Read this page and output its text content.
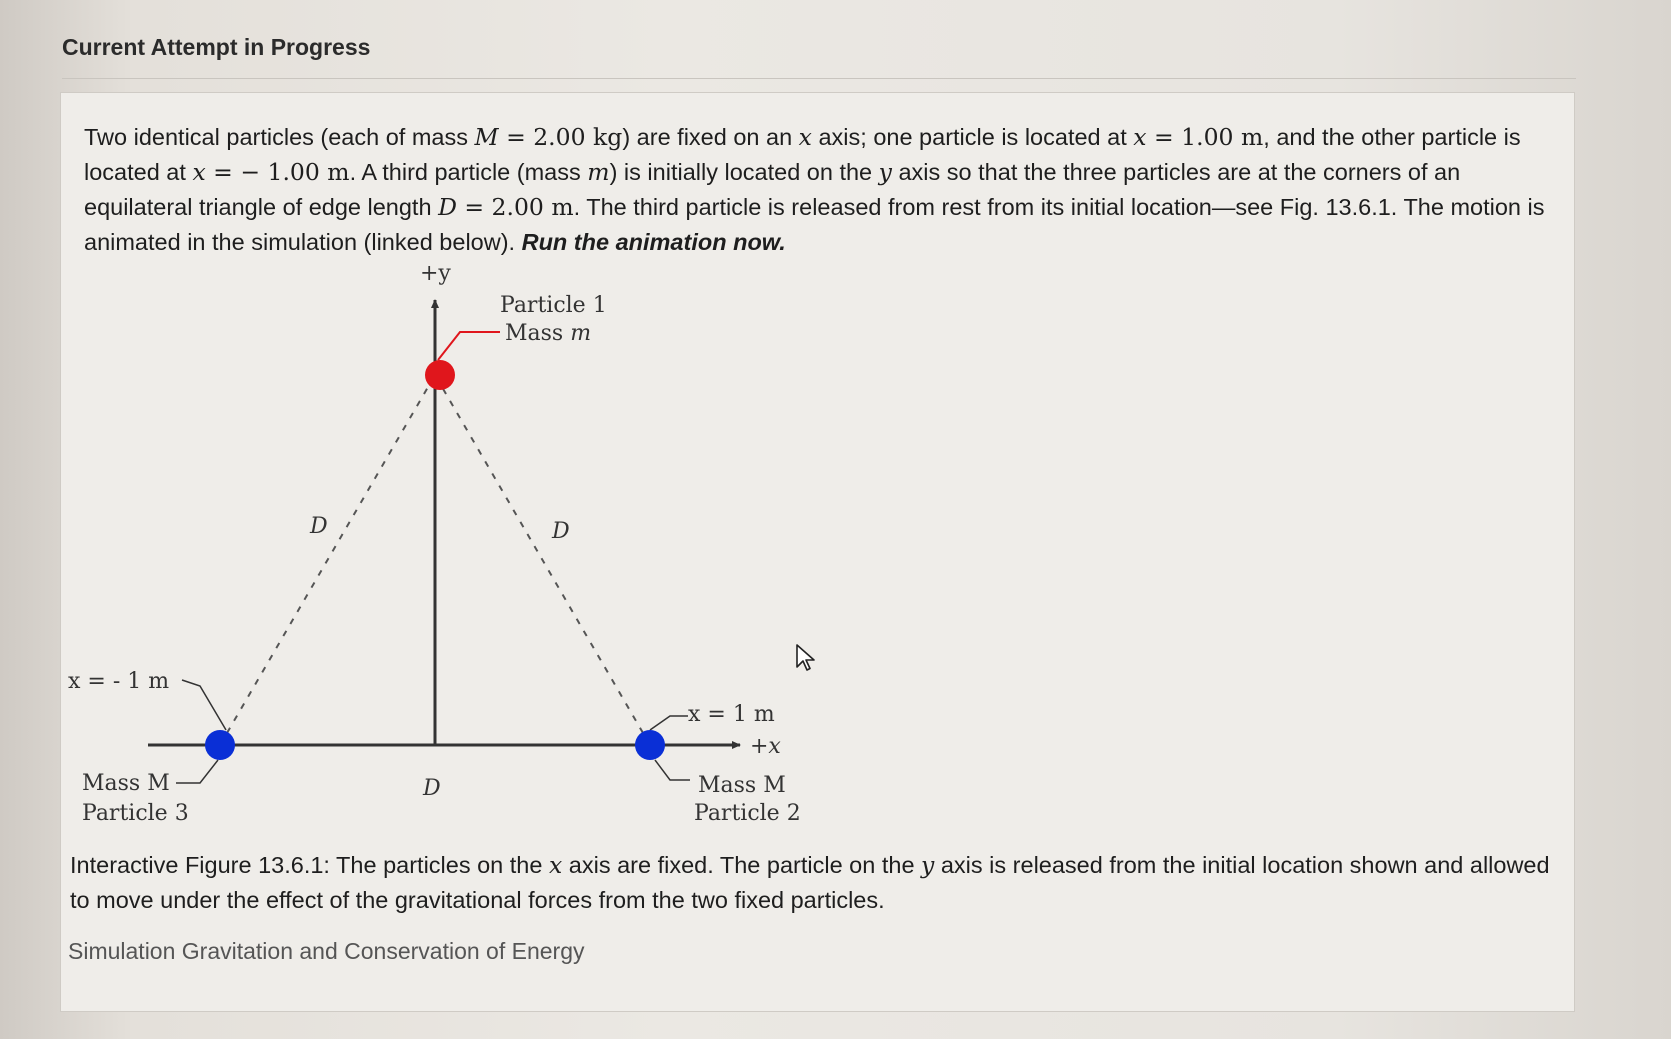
Current Attempt in Progress
Two identical particles (each of mass M = 2.00 kg) are fixed on an x axis; one particle is located at x = 1.00 m, and the other particle is located at x = − 1.00 m. A third particle (mass m) is initially located on the y axis so that the three particles are at the corners of an equilateral triangle of edge length D = 2.00 m. The third particle is released from rest from its initial location—see Fig. 13.6.1. The motion is animated in the simulation (linked below). Run the animation now.
+y
+x
Particle 1
Mass m
D	D
D
x = - 1 m
x = 1 m
Mass M
Particle 3
Mass M
Particle 2
Interactive Figure 13.6.1: The particles on the x axis are fixed. The particle on the y axis is released from the initial location shown and allowed to move under the effect of the gravitational forces from the two fixed particles.
Simulation Gravitation and Conservation of Energy
